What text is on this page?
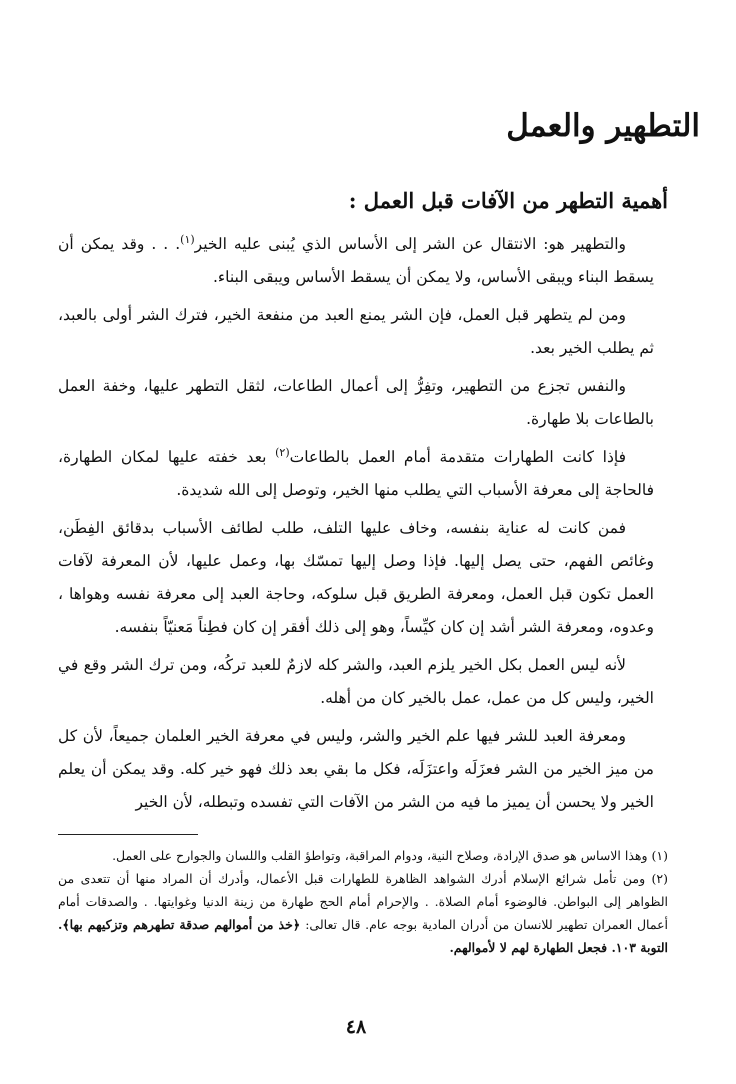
التطهير والعمل
أهمية التطهر من الآفات قبل العمل :

والتطهير هو: الانتقال عن الشر إلى الأساس الذي يُبنى عليه الخير$^{(١)}$. . . وقد يمكن أن يسقط البناء ويبقى الأساس، ولا يمكن أن يسقط الأساس ويبقى البناء.

ومن لم يتطهر قبل العمل، فإن الشر يمنع العبد من منفعة الخير، فترك الشر أولى بالعبد، ثم يطلب الخير بعد.

والنفس تجزع من التطهير، وتفِرُّ إلى أعمال الطاعات، لثقل التطهر عليها، وخفة العمل بالطاعات بلا طهارة.

فإذا كانت الطهارات متقدمة أمام العمل بالطاعات$^{(٢)}$ بعد خفته عليها لمكان الطهارة، فالحاجة إلى معرفة الأسباب التي يطلب منها الخير، وتوصل إلى الله شديدة.

فمن كانت له عناية بنفسه، وخاف عليها التلف، طلب لطائف الأسباب بدقائق الفِطَن، وغائص الفهم، حتى يصل إليها. فإذا وصل إليها تمسّك بها، وعمل عليها، لأن المعرفة لآفات العمل تكون قبل العمل، ومعرفة الطريق قبل سلوكه، وحاجة العبد إلى معرفة نفسه وهواها ، وعدوه، ومعرفة الشر أشد إن كان كيِّساً، وهو إلى ذلك أفقر إن كان فطِناً مَعنيّاً بنفسه.

لأنه ليس العمل بكل الخير يلزم العبد، والشر كله لازمٌ للعبد تركُه، ومن ترك الشر وقع في الخير، وليس كل من عمل، عمل بالخير كان من أهله.

ومعرفة العبد للشر فيها علم الخير والشر، وليس في معرفة الخير العلمان جميعاً، لأن كل من ميز الخير من الشر فعزَلَه واعتزَلَه، فكل ما بقي بعد ذلك فهو خير كله. وقد يمكن أن يعلم الخير ولا يحسن أن يميز ما فيه من الشر من الآفات التي تفسده وتبطله، لأن الخير

(١) وهذا الاساس هو صدق الإرادة، وصلاح النية، ودوام المراقبة، وتواطؤ القلب واللسان والجوارح على العمل.

(٢) ومن تأمل شرائع الإسلام أدرك الشواهد الظاهرة للطهارات قبل الأعمال، وأدرك أن المراد منها أن تتعدى من الظواهر إلى البواطن. فالوضوء أمام الصلاة. . والإحرام أمام الحج طهارة من زينة الدنيا وغوايتها. . والصدقات أمام أعمال العمران تطهير للانسان من أدران المادية بوجه عام. قال تعالى: ﴿خذ من أموالهم صدقة تطهرهم وتزكيهم بها﴾. التوبة ١٠٣. فجعل الطهارة لهم لا لأموالهم.

٤٨
